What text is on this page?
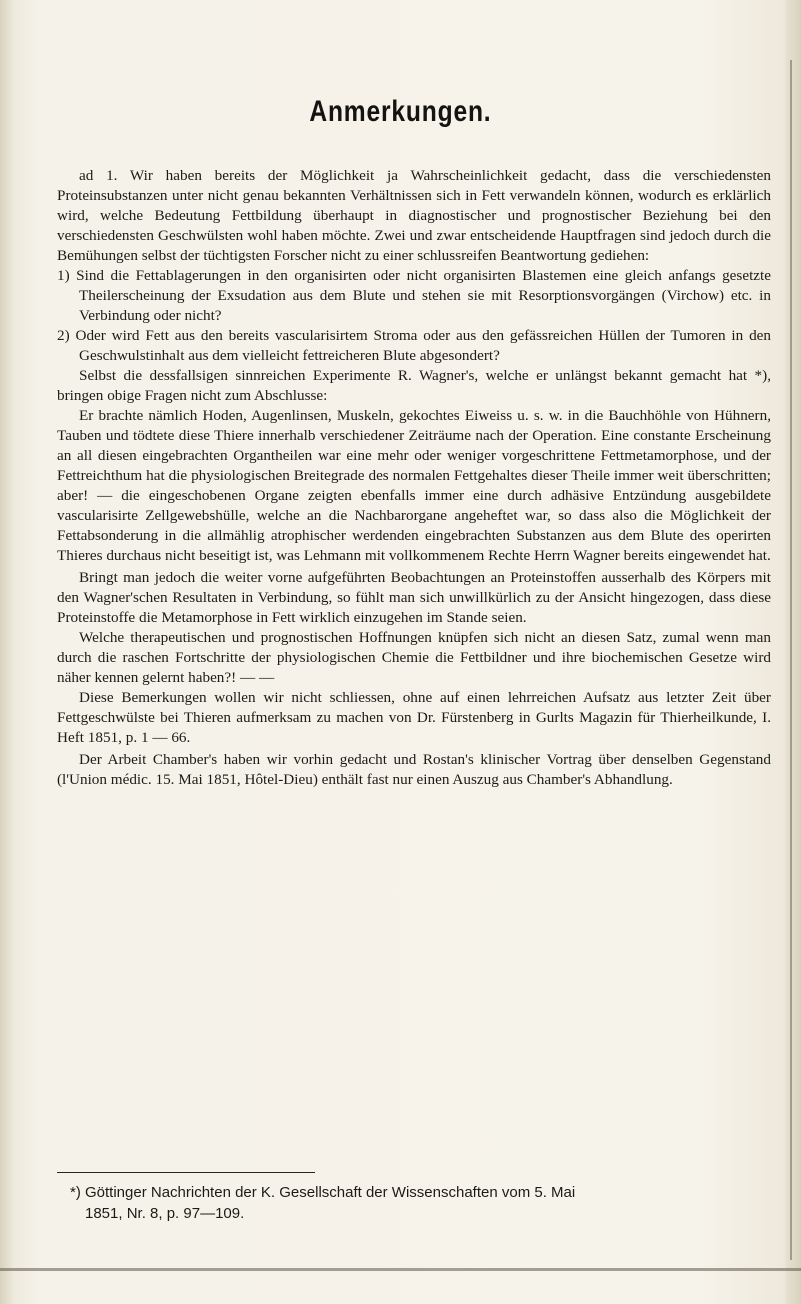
Anmerkungen.

ad 1. Wir haben bereits der Möglichkeit ja Wahrscheinlichkeit gedacht, dass die verschiedensten Proteinsubstanzen unter nicht genau bekannten Verhältnissen sich in Fett verwandeln können, wodurch es erklärlich wird, welche Bedeutung Fettbildung überhaupt in diagnostischer und prognostischer Beziehung bei den verschiedensten Geschwülsten wohl haben möchte. Zwei und zwar entscheidende Hauptfragen sind jedoch durch die Bemühungen selbst der tüchtigsten Forscher nicht zu einer schlussreifen Beantwortung gediehen:

1) Sind die Fettablagerungen in den organisirten oder nicht organisirten Blastemen eine gleich anfangs gesetzte Theilerscheinung der Exsudation aus dem Blute und stehen sie mit Resorptionsvorgängen (Virchow) etc. in Verbindung oder nicht?

2) Oder wird Fett aus den bereits vascularisirtem Stroma oder aus den gefässreichen Hüllen der Tumoren in den Geschwulstinhalt aus dem vielleicht fettreicheren Blute abgesondert?

Selbst die dessfallsigen sinnreichen Experimente R. Wagner's, welche er unlängst bekannt gemacht hat *), bringen obige Fragen nicht zum Abschlusse:

Er brachte nämlich Hoden, Augenlinsen, Muskeln, gekochtes Eiweiss u. s. w. in die Bauchhöhle von Hühnern, Tauben und tödtete diese Thiere innerhalb verschiedener Zeiträume nach der Operation. Eine constante Erscheinung an all diesen eingebrachten Organtheilen war eine mehr oder weniger vorgeschrittene Fettmetamorphose, und der Fettreichthum hat die physiologischen Breitegrade des normalen Fettgehaltes dieser Theile immer weit überschritten; aber! — die eingeschobenen Organe zeigten ebenfalls immer eine durch adhäsive Entzündung ausgebildete vascularisirte Zellgewebshülle, welche an die Nachbarorgane angeheftet war, so dass also die Möglichkeit der Fettabsonderung in die allmählig atrophischer werdenden eingebrachten Substanzen aus dem Blute des operirten Thieres durchaus nicht beseitigt ist, was Lehmann mit vollkommenem Rechte Herrn Wagner bereits eingewendet hat.

Bringt man jedoch die weiter vorne aufgeführten Beobachtungen an Proteinstoffen ausserhalb des Körpers mit den Wagner'schen Resultaten in Verbindung, so fühlt man sich unwillkürlich zu der Ansicht hingezogen, dass diese Proteinstoffe die Metamorphose in Fett wirklich einzugehen im Stande seien.

Welche therapeutischen und prognostischen Hoffnungen knüpfen sich nicht an diesen Satz, zumal wenn man durch die raschen Fortschritte der physiologischen Chemie die Fettbildner und ihre biochemischen Gesetze wird näher kennen gelernt haben?! — —

Diese Bemerkungen wollen wir nicht schliessen, ohne auf einen lehrreichen Aufsatz aus letzter Zeit über Fettgeschwülste bei Thieren aufmerksam zu machen von Dr. Fürstenberg in Gurlts Magazin für Thierheilkunde, I. Heft 1851, p. 1 — 66.

Der Arbeit Chamber's haben wir vorhin gedacht und Rostan's klinischer Vortrag über denselben Gegenstand (l'Union médic. 15. Mai 1851, Hôtel-Dieu) enthält fast nur einen Auszug aus Chamber's Abhandlung.

*) Göttinger Nachrichten der K. Gesellschaft der Wissenschaften vom 5. Mai
1851, Nr. 8, p. 97—109.
